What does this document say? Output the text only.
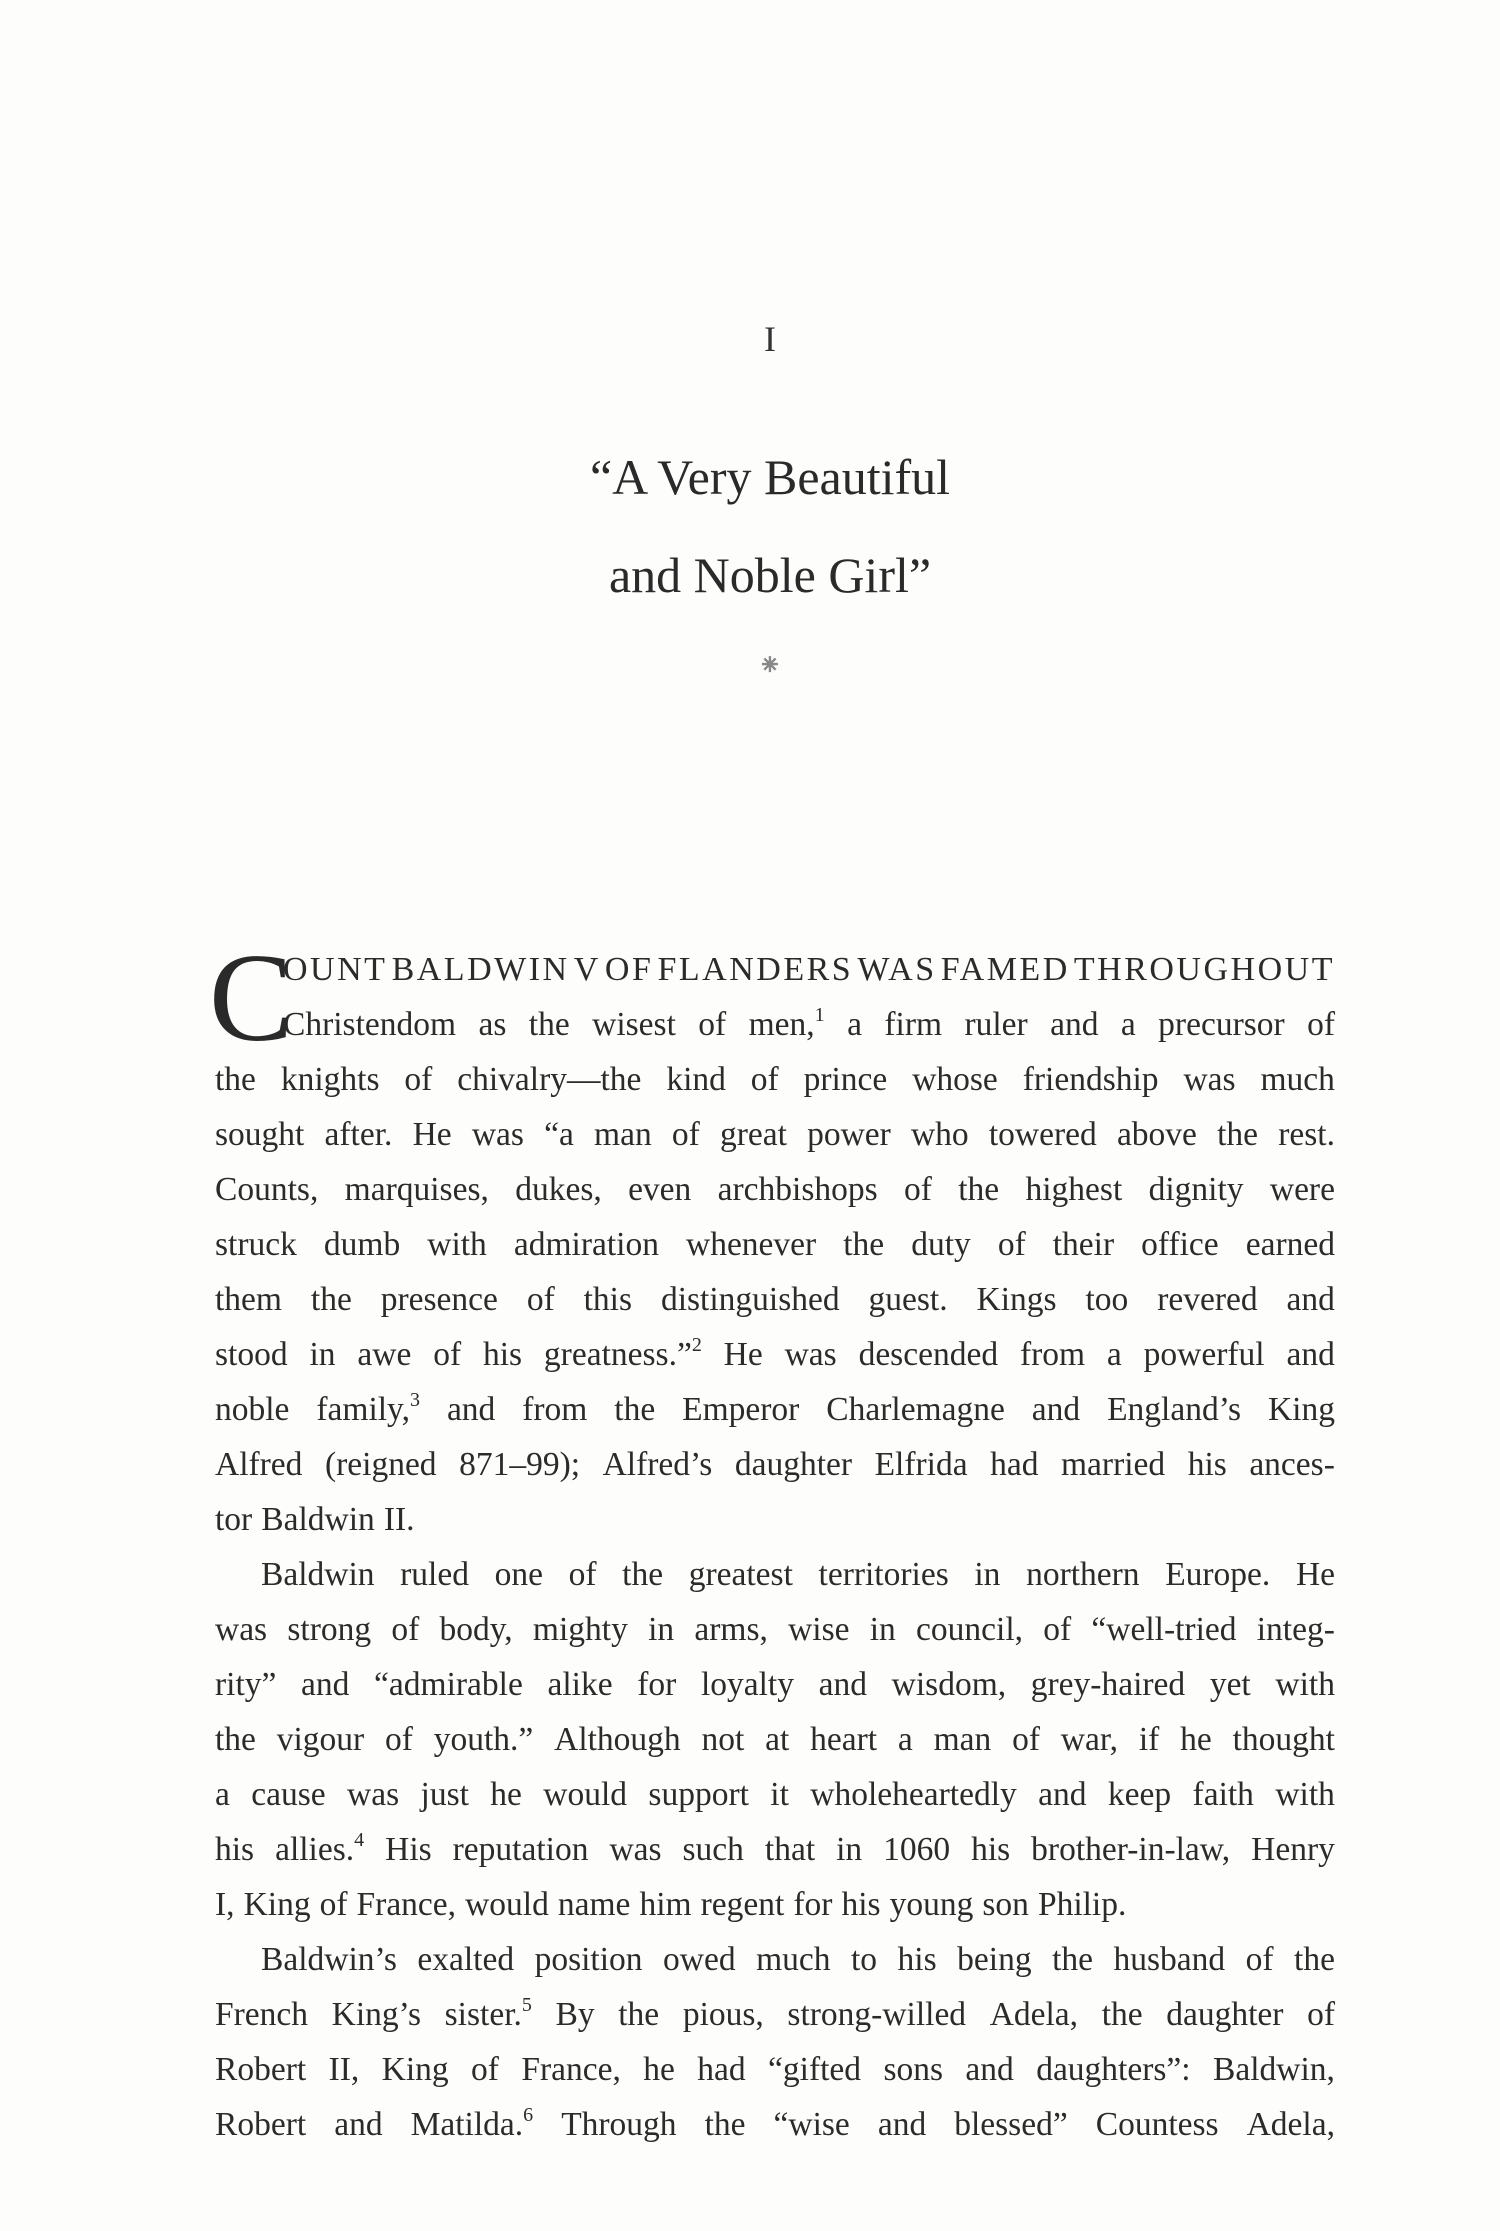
I
“A Very Beautiful
and Noble Girl”
⁕
C
OUNT BALDWIN V OF FLANDERS WAS FAMED THROUGHOUT
Christendom as the wisest of men,$^1$ a firm ruler and a precursor of
the knights of chivalry—the kind of prince whose friendship was much
sought after. He was “a man of great power who towered above the rest.
Counts, marquises, dukes, even archbishops of the highest dignity were
struck dumb with admiration whenever the duty of their office earned
them the presence of this distinguished guest. Kings too revered and
stood in awe of his greatness.”$^2$ He was descended from a powerful and
noble family,$^3$ and from the Emperor Charlemagne and England’s King
Alfred (reigned 871–99); Alfred’s daughter Elfrida had married his ances-
tor Baldwin II.
Baldwin ruled one of the greatest territories in northern Europe. He
was strong of body, mighty in arms, wise in council, of “well-tried integ-
rity” and “admirable alike for loyalty and wisdom, grey-haired yet with
the vigour of youth.” Although not at heart a man of war, if he thought
a cause was just he would support it wholeheartedly and keep faith with
his allies.$^4$ His reputation was such that in 1060 his brother-in-law, Henry
I, King of France, would name him regent for his young son Philip.
Baldwin’s exalted position owed much to his being the husband of the
French King’s sister.$^5$ By the pious, strong-willed Adela, the daughter of
Robert II, King of France, he had “gifted sons and daughters”: Baldwin,
Robert and Matilda.$^6$ Through the “wise and blessed” Countess Adela,
